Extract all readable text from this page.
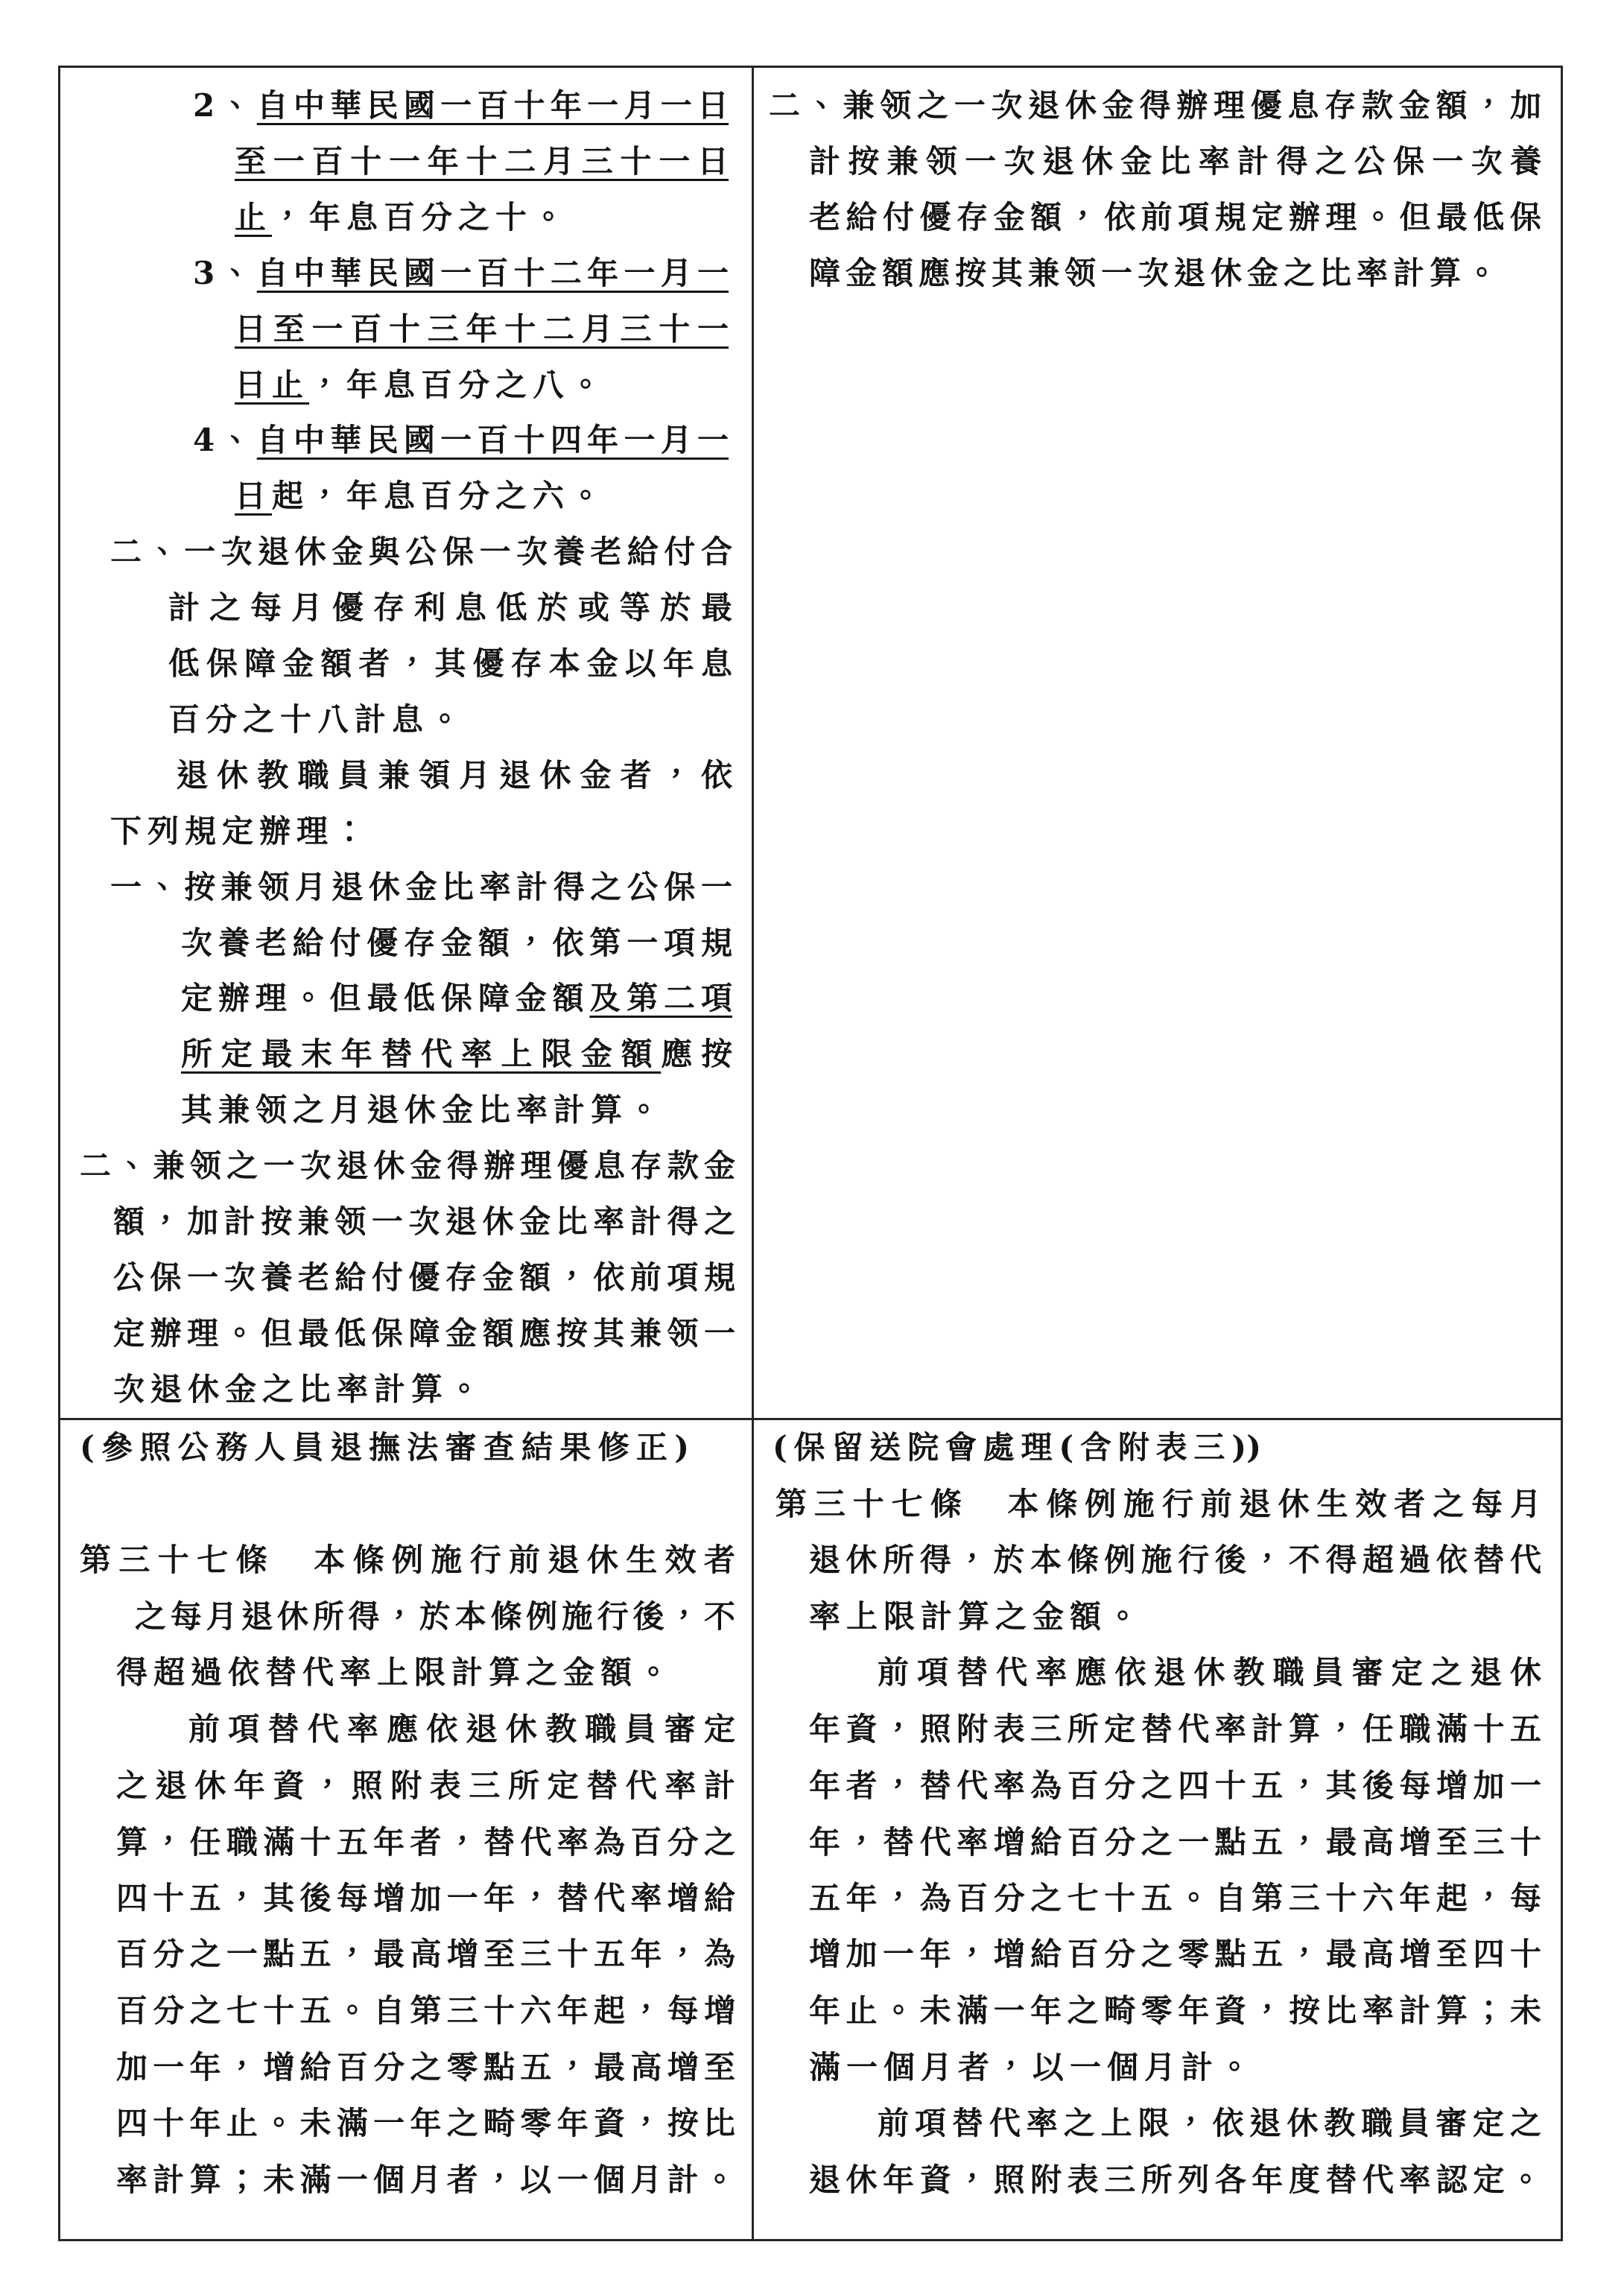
2、自中華民國一百十年一月一日
至一百十一年十二月三十一日
止，年息百分之十。
3、自中華民國一百十二年一月一
日至一百十三年十二月三十一
日止，年息百分之八。
4、自中華民國一百十四年一月一
日起，年息百分之六。
二、一次退休金與公保一次養老給付合
計之每月優存利息低於或等於最
低保障金額者，其優存本金以年息
百分之十八計息。
退休教職員兼領月退休金者，依
下列規定辦理：
一、按兼领月退休金比率計得之公保一
次養老給付優存金額，依第一項規
定辦理。但最低保障金額及第二項
所定最末年替代率上限金額應按
其兼领之月退休金比率計算。
二、兼领之一次退休金得辦理優息存款金
額，加計按兼领一次退休金比率計得之
公保一次養老給付優存金額，依前項規
定辦理。但最低保障金額應按其兼领一
次退休金之比率計算。
二、兼领之一次退休金得辦理優息存款金額，加
計按兼领一次退休金比率計得之公保一次養
老給付優存金額，依前項規定辦理。但最低保
障金額應按其兼领一次退休金之比率計算。
(參照公務人員退撫法審查結果修正)
第三十七條　本條例施行前退休生效者
之每月退休所得，於本條例施行後，不
得超過依替代率上限計算之金額。
前項替代率應依退休教職員審定
之退休年資，照附表三所定替代率計
算，任職滿十五年者，替代率為百分之
四十五，其後每增加一年，替代率增給
百分之一點五，最高增至三十五年，為
百分之七十五。自第三十六年起，每增
加一年，增給百分之零點五，最高增至
四十年止。未滿一年之畸零年資，按比
率計算；未滿一個月者，以一個月計。
(保留送院會處理(含附表三))
第三十七條　本條例施行前退休生效者之每月
退休所得，於本條例施行後，不得超過依替代
率上限計算之金額。
前項替代率應依退休教職員審定之退休
年資，照附表三所定替代率計算，任職滿十五
年者，替代率為百分之四十五，其後每增加一
年，替代率增給百分之一點五，最高增至三十
五年，為百分之七十五。自第三十六年起，每
增加一年，增給百分之零點五，最高增至四十
年止。未滿一年之畸零年資，按比率計算；未
滿一個月者，以一個月計。
前項替代率之上限，依退休教職員審定之
退休年資，照附表三所列各年度替代率認定。
